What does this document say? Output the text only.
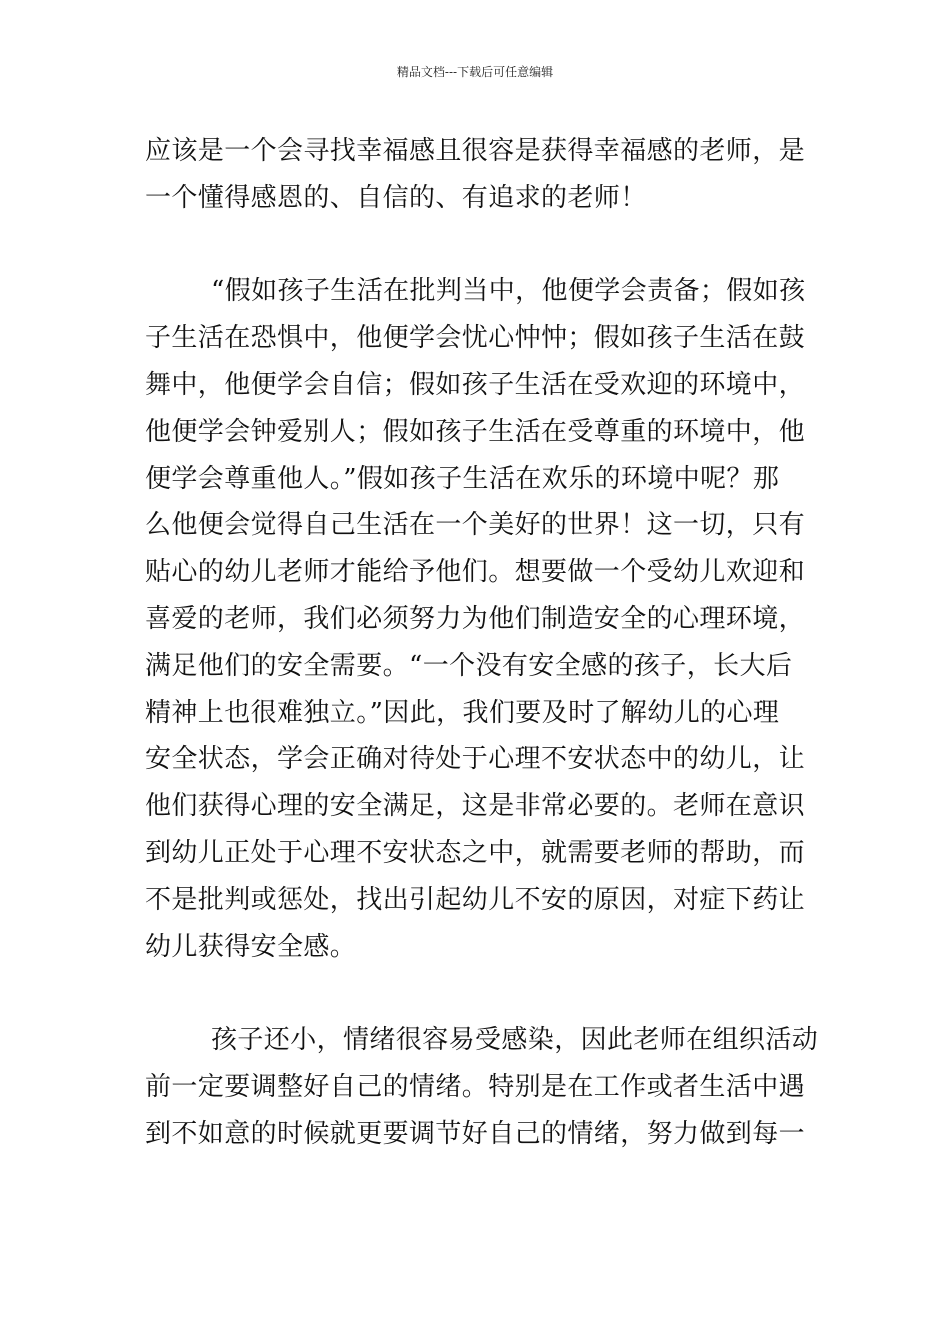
精品文档---下载后可任意编辑
应该是一个会寻找幸福感且很容是获得幸福感的老师，是
一个懂得感恩的、自信的、有追求的老师！
“假如孩子生活在批判当中，他便学会责备；假如孩
子生活在恐惧中，他便学会忧心忡忡；假如孩子生活在鼓
舞中，他便学会自信；假如孩子生活在受欢迎的环境中，
他便学会钟爱别人；假如孩子生活在受尊重的环境中，他
便学会尊重他人。”假如孩子生活在欢乐的环境中呢？那
么他便会觉得自己生活在一个美好的世界！这一切，只有
贴心的幼儿老师才能给予他们。想要做一个受幼儿欢迎和
喜爱的老师，我们必须努力为他们制造安全的心理环境，
满足他们的安全需要。“一个没有安全感的孩子，长大后
精神上也很难独立。”因此，我们要及时了解幼儿的心理
安全状态，学会正确对待处于心理不安状态中的幼儿，让
他们获得心理的安全满足，这是非常必要的。老师在意识
到幼儿正处于心理不安状态之中，就需要老师的帮助，而
不是批判或惩处，找出引起幼儿不安的原因，对症下药让
幼儿获得安全感。
孩子还小，情绪很容易受感染，因此老师在组织活动
前一定要调整好自己的情绪。特别是在工作或者生活中遇
到不如意的时候就更要调节好自己的情绪，努力做到每一
